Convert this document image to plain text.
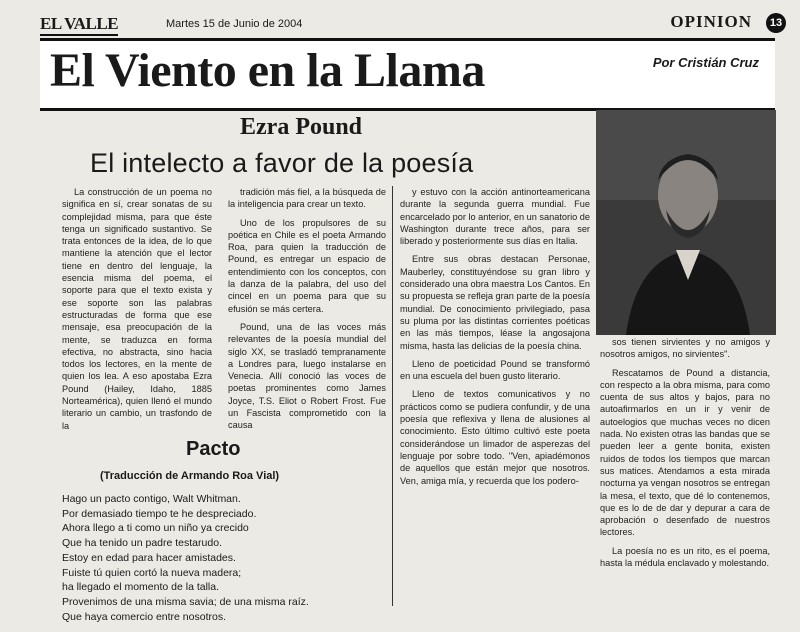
EL VALLE	Martes 15 de Junio de 2004	OPINION	13
El Viento en la Llama	Por Cristián Cruz
Ezra Pound
El intelecto a favor de la poesía

La construcción de un poema no significa en sí, crear sonatas de su complejidad misma, para que éste tenga un significado sustantivo. Se trata entonces de la idea, de lo que mantiene la atención que el lector tiene en dentro del lenguaje, la esencia misma del poema, el soporte para que el texto exista y ese soporte son las palabras estructuradas de forma que ese mensaje, esa preocupación de la mente, se traduzca en forma efectiva, no abstracta, sino hacia todos los lectores, en la mente de quien los lea. A eso apostaba Ezra Pound (Hailey, Idaho, 1885 Norteamérica), quien llenó el mundo literario un cambio, un trasfondo de la

tradición más fiel, a la búsqueda de la inteligencia para crear un texto.

Uno de los propulsores de su poética en Chile es el poeta Armando Roa, para quien la traducción de Pound, es entregar un espacio de entendimiento con los conceptos, con la danza de la palabra, del uso del cincel en un poema para que su efusión se más certera.

Pound, una de las voces más relevantes de la poesía mundial del siglo XX, se trasladó tempranamente a Londres para, luego instalarse en Venecia. Allí conoció las voces de poetas prominentes como James Joyce, T.S. Eliot o Robert Frost. Fue un Fascista comprometido con la causa

y estuvo con la acción antinorteamericana durante la segunda guerra mundial. Fue encarcelado por lo anterior, en un sanatorio de Washington durante trece años, para ser liberado y posteriormente sus días en Italia.

Entre sus obras destacan Personae, Mauberley, constituyéndose su gran libro y considerado una obra maestra Los Cantos. En su propuesta se refleja gran parte de la poesía mundial. De conocimiento privilegiado, pasa su pluma por las distintas corrientes poéticas en las más tiempos, léase la angosajona misma, hasta las delicias de la poesía china.

Lleno de poeticidad Pound se transformó en una escuela del buen gusto literario.

Lleno de textos comunicativos y no prácticos como se pudiera confundir, y de una poesía que reflexiva y llena de alusiones al conocimiento. Esto último cultivó este poeta considerándose un limador de asperezas del lenguaje por sobre todo. "Ven, apiadémonos de aquellos que están mejor que nosotros. Ven, amiga mía, y recuerda que los podero-

sos tienen sirvientes y no amigos y nosotros amigos, no sirvientes".

Rescatamos de Pound a distancia, con respecto a la obra misma, para como cuenta de sus altos y bajos, para no autoafirmarlos en un ir y venir de autoelogios que muchas veces no dicen nada. No existen otras las bandas que se pueden leer a gente bonita, existen ruidos de todos los tiempos que marcan sus matices. Atendamos a esta mirada nocturna ya vengan nosotros se entregan la mesa, el texto, que dé lo contenemos, que es lo de de dar y depurar a cara de aprobación o desenfado de nuestros lectores.

La poesía no es un rito, es el poema, hasta la médula enclavado y molestando.

Pacto
(Traducción de Armando Roa Vial)
Hago un pacto contigo, Walt Whitman.
Por demasiado tiempo te he despreciado.
Ahora llego a ti como un niño ya crecido
Que ha tenido un padre testarudo.
Estoy en edad para hacer amistades.
Fuiste tú quien cortó la nueva madera;
ha llegado el momento de la talla.
Provenimos de una misma savia; de una misma raíz.
Que haya comercio entre nosotros.
